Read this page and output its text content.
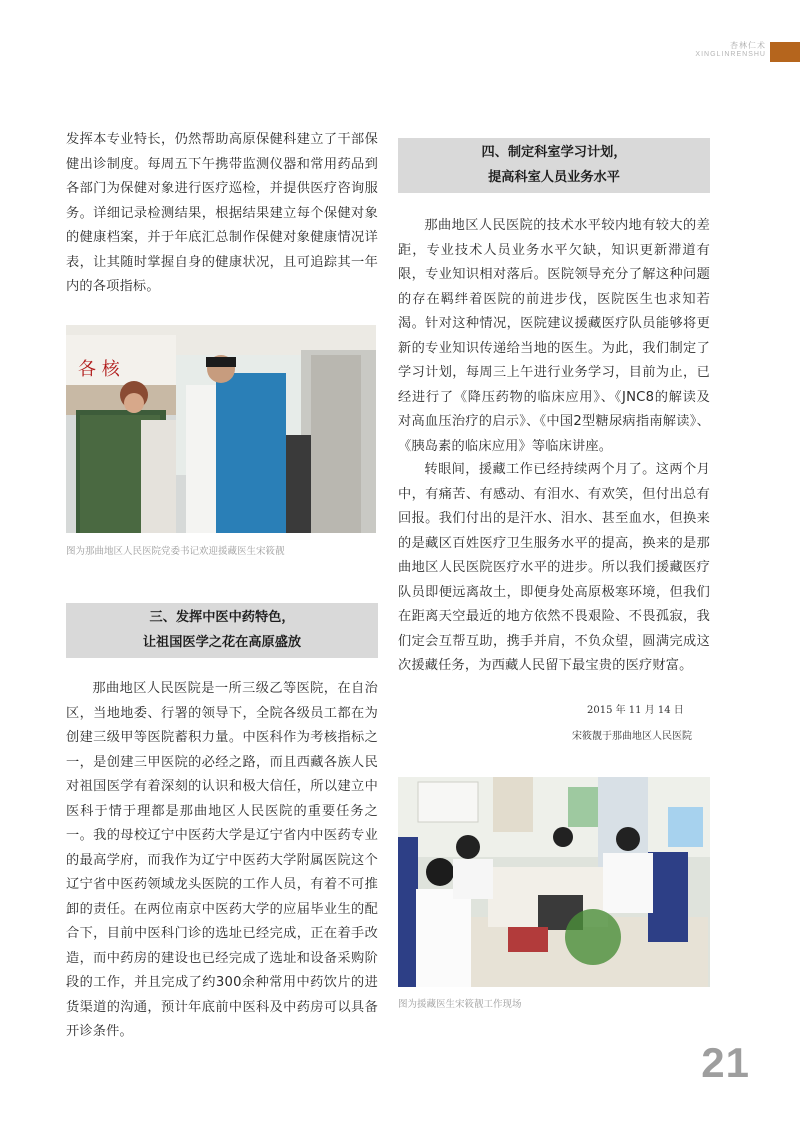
杏林仁术
XINGLINRENSHU

发挥本专业特长，仍然帮助高原保健科建立了干部保健出诊制度。每周五下午携带监测仪器和常用药品到各部门为保健对象进行医疗巡检，并提供医疗咨询服务。详细记录检测结果，根据结果建立每个保健对象的健康档案，并于年底汇总制作保健对象健康情况详表，让其随时掌握自身的健康状况，且可追踪其一年内的各项指标。

各 核
图为那曲地区人民医院党委书记欢迎援藏医生宋筱靓
三、发挥中医中药特色，
让祖国医学之花在高原盛放

那曲地区人民医院是一所三级乙等医院，在自治区，当地地委、行署的领导下，全院各级员工都在为创建三级甲等医院蓄积力量。中医科作为考核指标之一，是创建三甲医院的必经之路，而且西藏各族人民对祖国医学有着深刻的认识和极大信任，所以建立中医科于情于理都是那曲地区人民医院的重要任务之一。我的母校辽宁中医药大学是辽宁省内中医药专业的最高学府，而我作为辽宁中医药大学附属医院这个辽宁省中医药领域龙头医院的工作人员，有着不可推卸的责任。在两位南京中医药大学的应届毕业生的配合下，目前中医科门诊的选址已经完成，正在着手改造，而中药房的建设也已经完成了选址和设备采购阶段的工作，并且完成了约300余种常用中药饮片的进货渠道的沟通，预计年底前中医科及中药房可以具备开诊条件。

四、制定科室学习计划，
提高科室人员业务水平

那曲地区人民医院的技术水平较内地有较大的差距，专业技术人员业务水平欠缺，知识更新滞道有限，专业知识相对落后。医院领导充分了解这种问题的存在羁绊着医院的前进步伐，医院医生也求知若渴。针对这种情况，医院建议援藏医疗队员能够将更新的专业知识传递给当地的医生。为此，我们制定了学习计划，每周三上午进行业务学习，目前为止，已经进行了《降压药物的临床应用》、《JNC8的解读及对高血压治疗的启示》、《中国2型糖尿病指南解读》、《胰岛素的临床应用》等临床讲座。

转眼间，援藏工作已经持续两个月了。这两个月中，有痛苦、有感动、有泪水、有欢笑，但付出总有回报。我们付出的是汗水、泪水、甚至血水，但换来的是藏区百姓医疗卫生服务水平的提高，换来的是那曲地区人民医院医疗水平的进步。所以我们援藏医疗队员即便远离故土，即便身处高原极寒环境，但我们在距离天空最近的地方依然不畏艰险、不畏孤寂，我们定会互帮互助，携手并肩，不负众望，圆满完成这次援藏任务，为西藏人民留下最宝贵的医疗财富。

2015 年 11 月 14 日
宋筱靓于那曲地区人民医院
图为援藏医生宋筱靓工作现场
21
